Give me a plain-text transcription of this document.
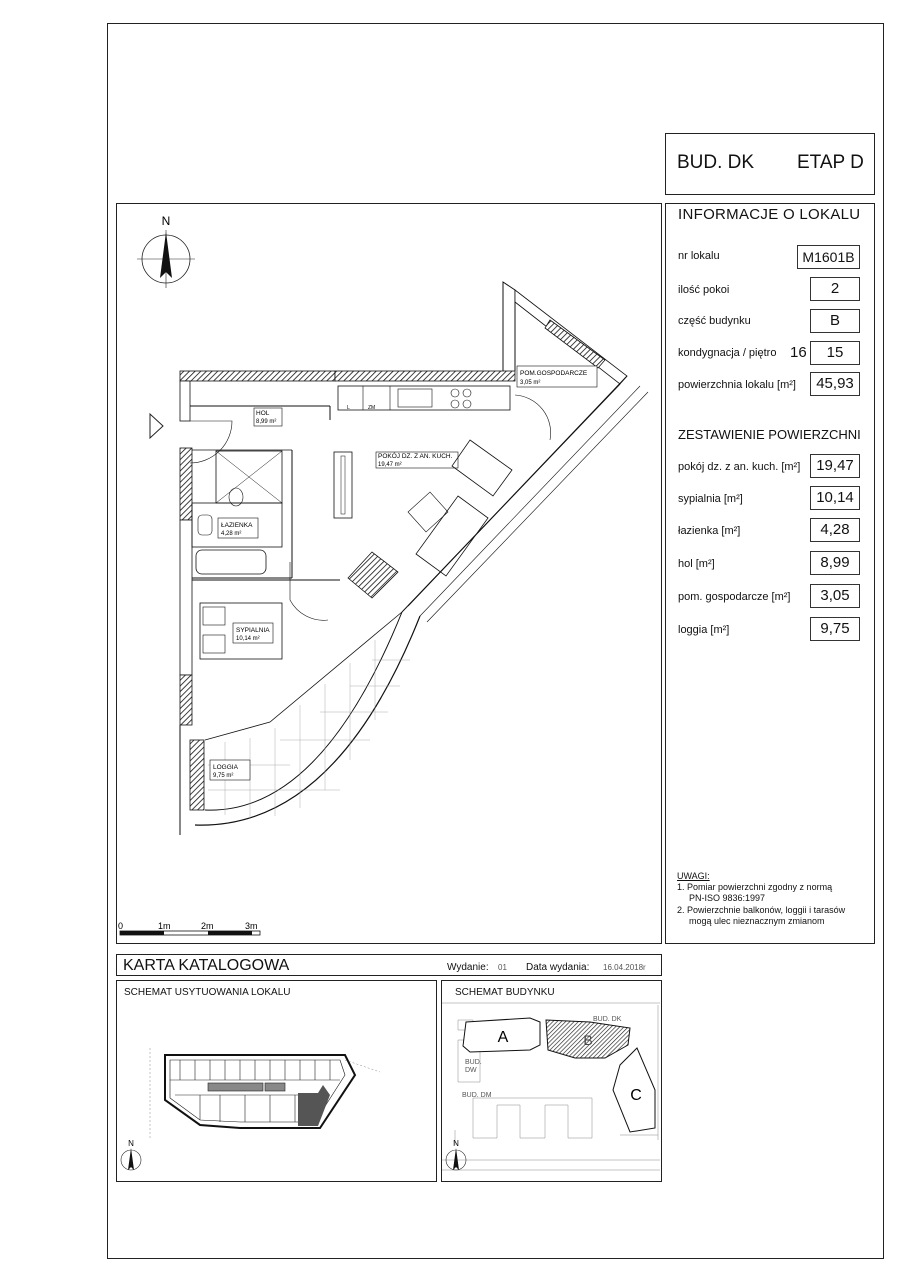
BUD. DK ETAP D
INFORMACJE O LOKALU
nr lokalu	M1601B
ilość pokoi	2
część budynku	B
kondygnacja / piętro 16	15
powierzchnia lokalu [m²]	45,93
ZESTAWIENIE POWIERZCHNI
pokój dz. z an. kuch. [m²]	19,47
sypialnia [m²]	10,14
łazienka [m²]	4,28
hol [m²]	8,99
pom. gospodarcze [m²]	3,05
loggia [m²]	9,75
UWAGI:
1. Pomiar powierzchni zgodny z normą
PN-ISO 9836:1997
2. Powierzchnie balkonów, loggii i tarasów
mogą ulec nieznacznym zmianom
N
L	ZM
POM.GOSPODARCZE
3,05 m²
HOL
8,99 m²
POKÓJ DZ. Z AN. KUCH.
19,47 m²
ŁAZIENKA
4,28 m²
SYPIALNIA
10,14 m²
LOGGIA
9,75 m²
0	1m	2m	3m
KARTA KATALOGOWA	Wydanie: 01 Data wydania: 16.04.2018r
SCHEMAT USYTUOWANIA LOKALU
N
SCHEMAT BUDYNKU
A	B
C
BUD. DK
BUD.
DW
BUD. DM
N
